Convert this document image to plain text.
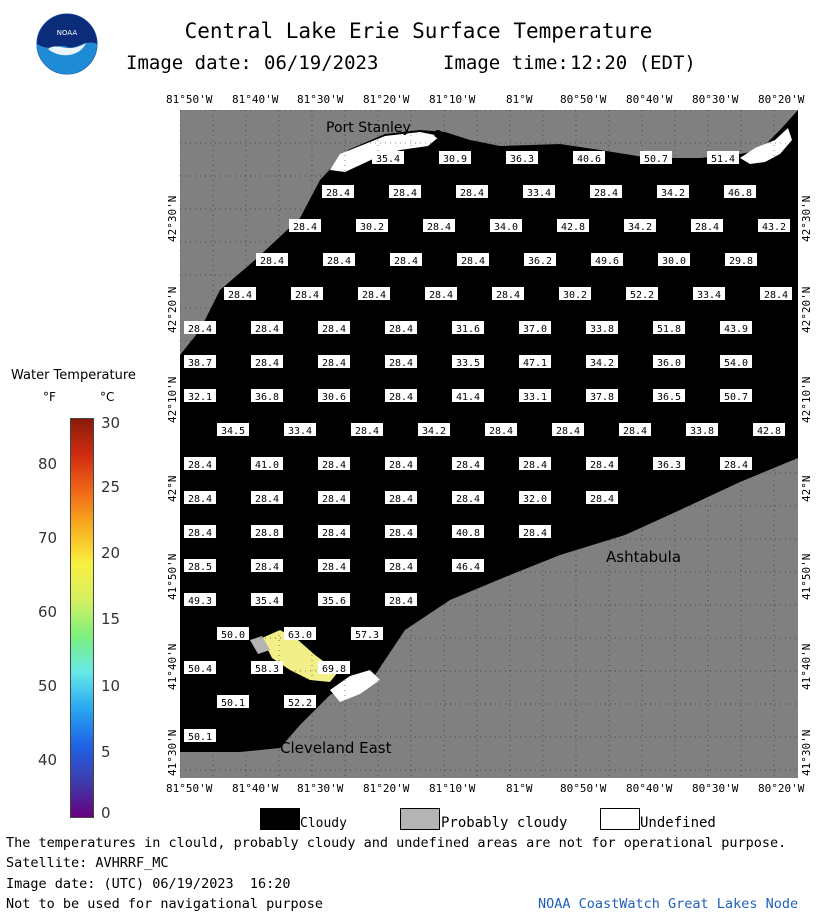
NOAA	Central Lake Erie Surface Temperature
Image date: 06/19/2023	Image time: 12:20 (EDT)
81°50'W 81°40'W 81°30'W 81°20'W 81°10'W	81°W	80°50'W 80°40'W 80°30'W 80°20'W
81°50'W 81°40'W 81°30'W 81°20'W 81°10'W	81°W	80°50'W 80°40'W 80°30'W 80°20'W
42°30'N
42°20'N
42°10'N
42°N
41°50'N
41°40'N
41°30'N
42°30'N
42°20'N
42°10'N
42°N
41°50'N
41°40'N
41°30'N
35.4	30.9	36.3	40.6	50.7	51.4
28.4	28.4	28.4	33.4	28.4	34.2	46.8
28.4	30.2	28.4	34.0	42.8	34.2	28.4	43.2
28.4	28.4	28.4	28.4	36.2	49.6	30.0	29.8
28.4	28.4	28.4	28.4	28.4	30.2	52.2	33.4	28.4
28.4	28.4	28.4	28.4	31.6	37.0	33.8	51.8	43.9
38.7	28.4	28.4	28.4	33.5	47.1	34.2	36.0	54.0
32.1	36.8	30.6	28.4	41.4	33.1	37.8	36.5	50.7
34.5	33.4	28.4	34.2	28.4	28.4	28.4	33.8	42.8
28.4	41.0	28.4	28.4	28.4	28.4	28.4	36.3	28.4
28.4	28.4	28.4	28.4	28.4	32.0	28.4
28.4	28.8	28.4	28.4	40.8	28.4
28.5	28.4	28.4	28.4	46.4
49.3	35.4	35.6	28.4
50.0	63.0	57.3
50.4	58.3	69.8
50.1	52.2
50.1
Port Stanley
Ashtabula
Cleveland East
Water Temperature
°F	°C
80
70
60
50
40
30
25
20
15
10
5
0
Cloudy	Probably cloudy	Undefined
The temperatures in clould, probably cloudy and undefined areas are not for operational purpose.
Satellite: AVHRRF_MC
Image date: (UTC) 06/19/2023  16:20
Not to be used for navigational purpose	NOAA CoastWatch Great Lakes Node
